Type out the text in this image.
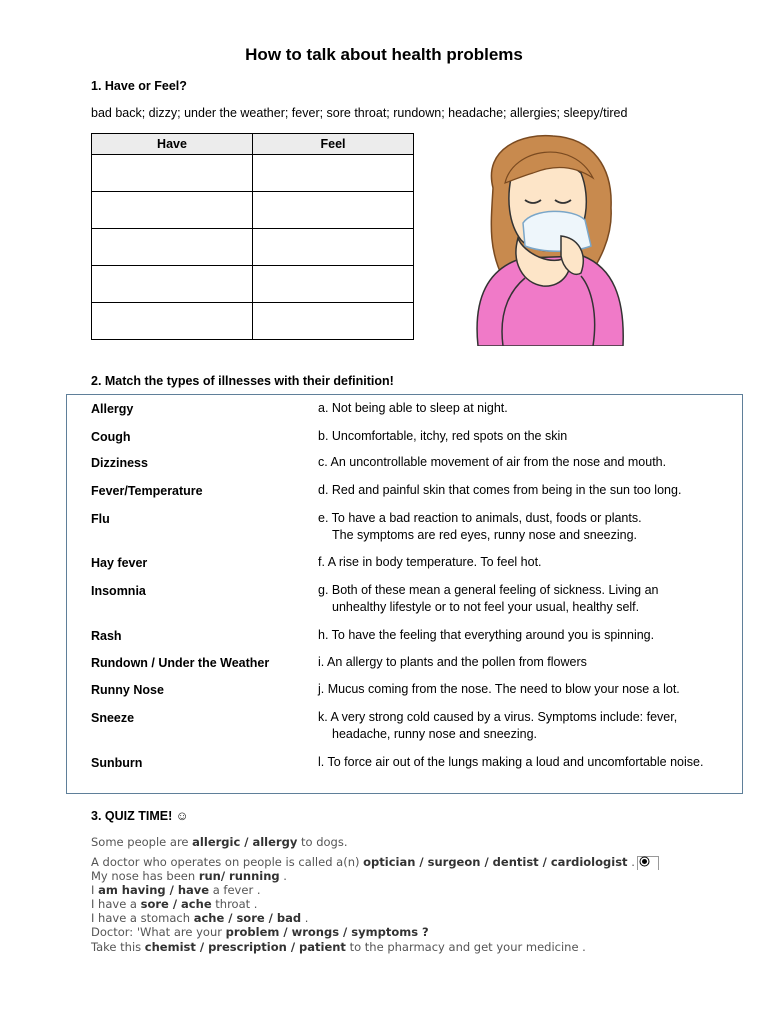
How to talk about health problems
1. Have or Feel?
bad back; dizzy; under the weather; fever; sore throat; rundown; headache; allergies; sleepy/tired
Have	Feel

2. Match the types of illnesses with their definition!
Allergy	a. Not being able to sleep at night.
Cough	b. Uncomfortable, itchy, red spots on the skin
Dizziness	c. An uncontrollable movement of air from the nose and mouth.
Fever/Temperature	d. Red and painful skin that comes from being in the sun too long.
Flu	e. To have a bad reaction to animals, dust, foods or plants.
The symptoms are red eyes, runny nose and sneezing.
Hay fever	f. A rise in body temperature. To feel hot.
Insomnia	g. Both of these mean a general feeling of sickness. Living an
unhealthy lifestyle or to not feel your usual, healthy self.
Rash	h. To have the feeling that everything around you is spinning.
Rundown / Under the Weather	i. An allergy to plants and the pollen from flowers
Runny Nose	j. Mucus coming from the nose. The need to blow your nose a lot.
Sneeze	k. A very strong cold caused by a virus. Symptoms include: fever,
headache, runny nose and sneezing.
Sunburn	l. To force air out of the lungs making a loud and uncomfortable noise.
3. QUIZ TIME! ☺
Some people are allergic / allergy to dogs.
A doctor who operates on people is called a(n) optician / surgeon / dentist / cardiologist .
My nose has been run/ running .
I am having / have a fever .
I have a sore / ache throat .
I have a stomach ache / sore / bad .
Doctor: 'What are your problem / wrongs / symptoms ?
Take this chemist / prescription / patient to the pharmacy and get your medicine .
